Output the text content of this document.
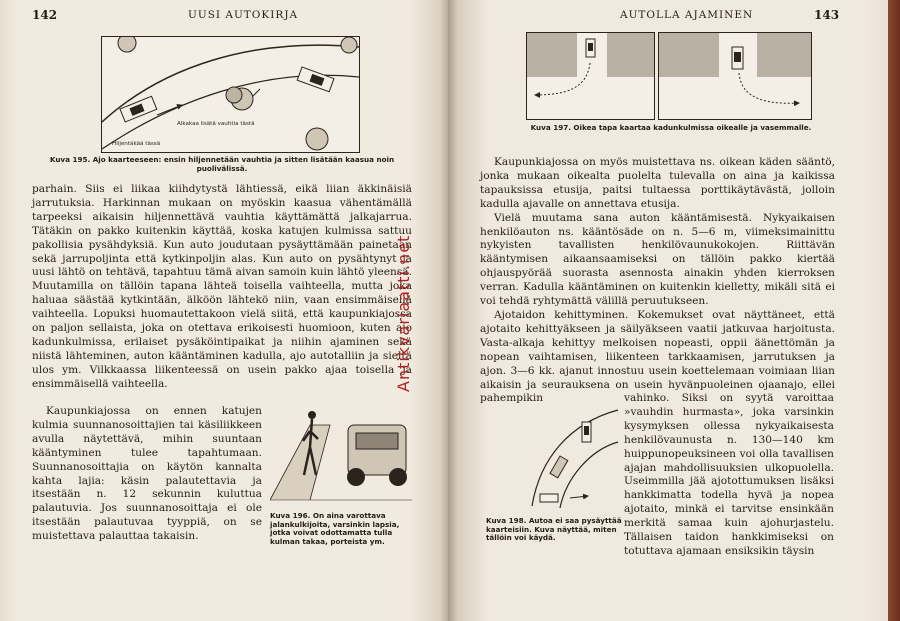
142	UUSI AUTOKIRJA
Alkakaa lisätä vauhtia tästä
Hiljentäkää tässä
Kuva 195. Ajo kaarteeseen: ensin hiljennetään vauhtia ja sitten lisätään kaasua noin puolivälissä.

parhain. Siis ei liikaa kiihdytystä lähtiessä, eikä liian äkkinäisiä jarrutuksia. Harkinnan mukaan on myöskin kaasua vähentämällä tarpeeksi aikaisin hiljennettävä vauhtia käyttämättä jalkajarrua. Tätäkin on pakko kuitenkin käyttää, koska katujen kulmissa sattuu pakollisia pysähdyksiä. Kun auto joudutaan pysäyttämään painetaan sekä jarrupoljinta että kytkinpoljin alas. Kun auto on pysähtynyt ja uusi lähtö on tehtävä, tapahtuu tämä aivan samoin kuin lähtö yleensä. Muutamilla on tällöin tapana lähteä toisella vaihteella, mutta joka haluaa säästää kytkintään, älköön lähtekö niin, vaan ensimmäisellä vaihteella. Lopuksi huomautettakoon vielä siitä, että kaupunkiajossa on paljon sellaista, joka on otettava erikoisesti huomioon, kuten ajo kadunkulmissa, erilaiset pysäköintipaikat ja niihin ajaminen sekä niistä lähteminen, auton kääntäminen kadulla, ajo autotalliin ja sieltä ulos ym. Vilkkaassa liikenteessä on usein pakko ajaa toisella ja ensimmäisellä vaihteella.

Kaupunkiajossa on ennen katujen kulmia suunnanosoittajien tai käsiliikkeen avulla näytettävä, mihin suuntaan kääntyminen tulee tapahtumaan. Suunnanosoittajia on käytön kannalta kahta lajia: käsin palautettavia ja itsestään n. 12 sekunnin kuluttua palautuvia. Jos suunnanosoittaja ei ole itsestään palautuvaa tyyppiä, on se muistettava palauttaa takaisin.

Kuva 196. On aina varottava jalankulkijoita, varsinkin lapsia, jotka voivat odottamatta tulla kulman takaa, porteista ym.
Antikvariaatti.net
AUTOLLA AJAMINEN	143
Kuva 197. Oikea tapa kaartaa kadunkulmissa oikealle ja vasemmalle.

Kaupunkiajossa on myös muistettava ns. oikean käden sääntö, jonka mukaan oikealta puolelta tulevalla on aina ja kaikissa tapauksissa etusija, paitsi tultaessa porttikäytävästä, jolloin kadulla ajavalle on annettava etusija.

Vielä muutama sana auton kääntämisestä. Nykyaikaisen henkilöauton ns. kääntösäde on n. 5—6 m, viimeksimainittu nykyisten tavallisten henkilövaunukokojen. Riittävän kääntymisen aikaansaamiseksi on tällöin pakko kiertää ohjauspyörää suorasta asennosta ainakin yhden kierroksen verran. Kadulla kääntäminen on kuitenkin kielletty, mikäli sitä ei voi tehdä ryhtymättä välillä peruutukseen.

Ajotaidon kehittyminen. Kokemukset ovat näyttäneet, että ajotaito kehittyäkseen ja säilyäkseen vaatii jatkuvaa harjoitusta. Vasta-alkaja kehittyy melkoisen nopeasti, oppii äänettömän ja nopean vaihtamisen, liikenteen tarkkaamisen, jarrutuksen ja ajon. 3—6 kk. ajanut innostuu usein koettelemaan voimiaan liian aikaisin ja seurauksena on usein hyvänpuoleinen ojaanajo, ellei pahempikin

Kuva 198. Autoa ei saa pysäyttää kaarteisiin. Kuva näyttää, miten tällöin voi käydä.

vahinko. Siksi on syytä varoittaa »vauhdin hurmasta», joka varsinkin kysymyksen ollessa nykyaikaisesta henkilövaunusta n. 130—140 km huippunopeuksineen voi olla tavallisen ajajan mahdollisuuksien ulkopuolella. Useimmilla jää ajotottumuksen lisäksi hankkimatta todella hyvä ja nopea ajotaito, minkä ei tarvitse ensinkään merkitä samaa kuin ajohurjastelu. Tällaisen taidon hankkimiseksi on totuttava ajamaan ensiksikin täysin
